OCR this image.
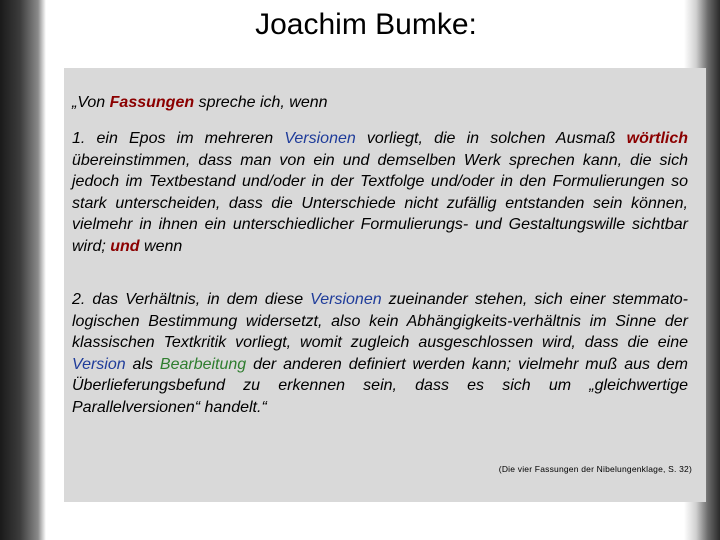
Joachim Bumke:

„Von Fassungen spreche ich, wenn

1. ein Epos im mehreren Versionen vorliegt, die in solchen Ausmaß wörtlich übereinstimmen, dass man von ein und demselben Werk sprechen kann, die sich jedoch im Textbestand und/oder in der Textfolge und/oder in den Formulierungen so stark unterscheiden, dass die Unterschiede nicht zufällig entstanden sein können, vielmehr in ihnen ein unterschiedlicher Formulierungs- und Gestaltungswille sichtbar wird; und wenn

2. das Verhältnis, in dem diese Versionen zueinander stehen, sich einer stemmato-logischen Bestimmung widersetzt, also kein Abhängigkeits-verhältnis im Sinne der klassischen Textkritik vorliegt, womit zugleich ausgeschlossen wird, dass die eine Version als Bearbeitung der anderen definiert werden kann; vielmehr muß aus dem Überlieferungsbefund zu erkennen sein, dass es sich um „gleichwertige Parallelversionen“ handelt.“

(Die vier Fassungen der Nibelungenklage, S. 32)
